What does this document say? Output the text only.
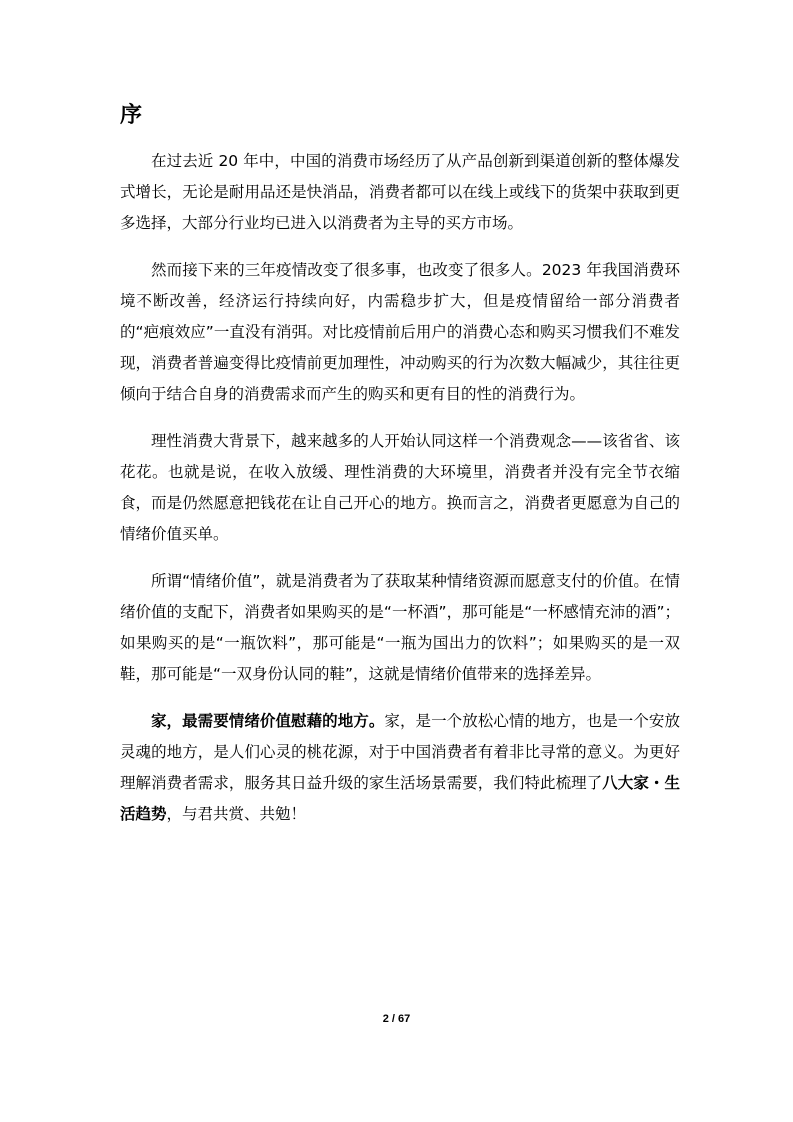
序

在过去近 20 年中，中国的消费市场经历了从产品创新到渠道创新的整体爆发式增长，无论是耐用品还是快消品，消费者都可以在线上或线下的货架中获取到更多选择，大部分行业均已进入以消费者为主导的买方市场。

然而接下来的三年疫情改变了很多事，也改变了很多人。2023 年我国消费环境不断改善，经济运行持续向好，内需稳步扩大，但是疫情留给一部分消费者的“疤痕效应”一直没有消弭。对比疫情前后用户的消费心态和购买习惯我们不难发现，消费者普遍变得比疫情前更加理性，冲动购买的行为次数大幅减少，其往往更倾向于结合自身的消费需求而产生的购买和更有目的性的消费行为。

理性消费大背景下，越来越多的人开始认同这样一个消费观念——该省省、该花花。也就是说，在收入放缓、理性消费的大环境里，消费者并没有完全节衣缩食，而是仍然愿意把钱花在让自己开心的地方。换而言之，消费者更愿意为自己的情绪价值买单。

所谓“情绪价值”，就是消费者为了获取某种情绪资源而愿意支付的价值。在情绪价值的支配下，消费者如果购买的是“一杯酒”，那可能是“一杯感情充沛的酒”；如果购买的是“一瓶饮料”，那可能是“一瓶为国出力的饮料”；如果购买的是一双鞋，那可能是“一双身份认同的鞋”，这就是情绪价值带来的选择差异。

家，最需要情绪价值慰藉的地方。家，是一个放松心情的地方，也是一个安放灵魂的地方，是人们心灵的桃花源，对于中国消费者有着非比寻常的意义。为更好理解消费者需求，服务其日益升级的家生活场景需要，我们特此梳理了八大家・生活趋势，与君共赏、共勉！

2 / 67
